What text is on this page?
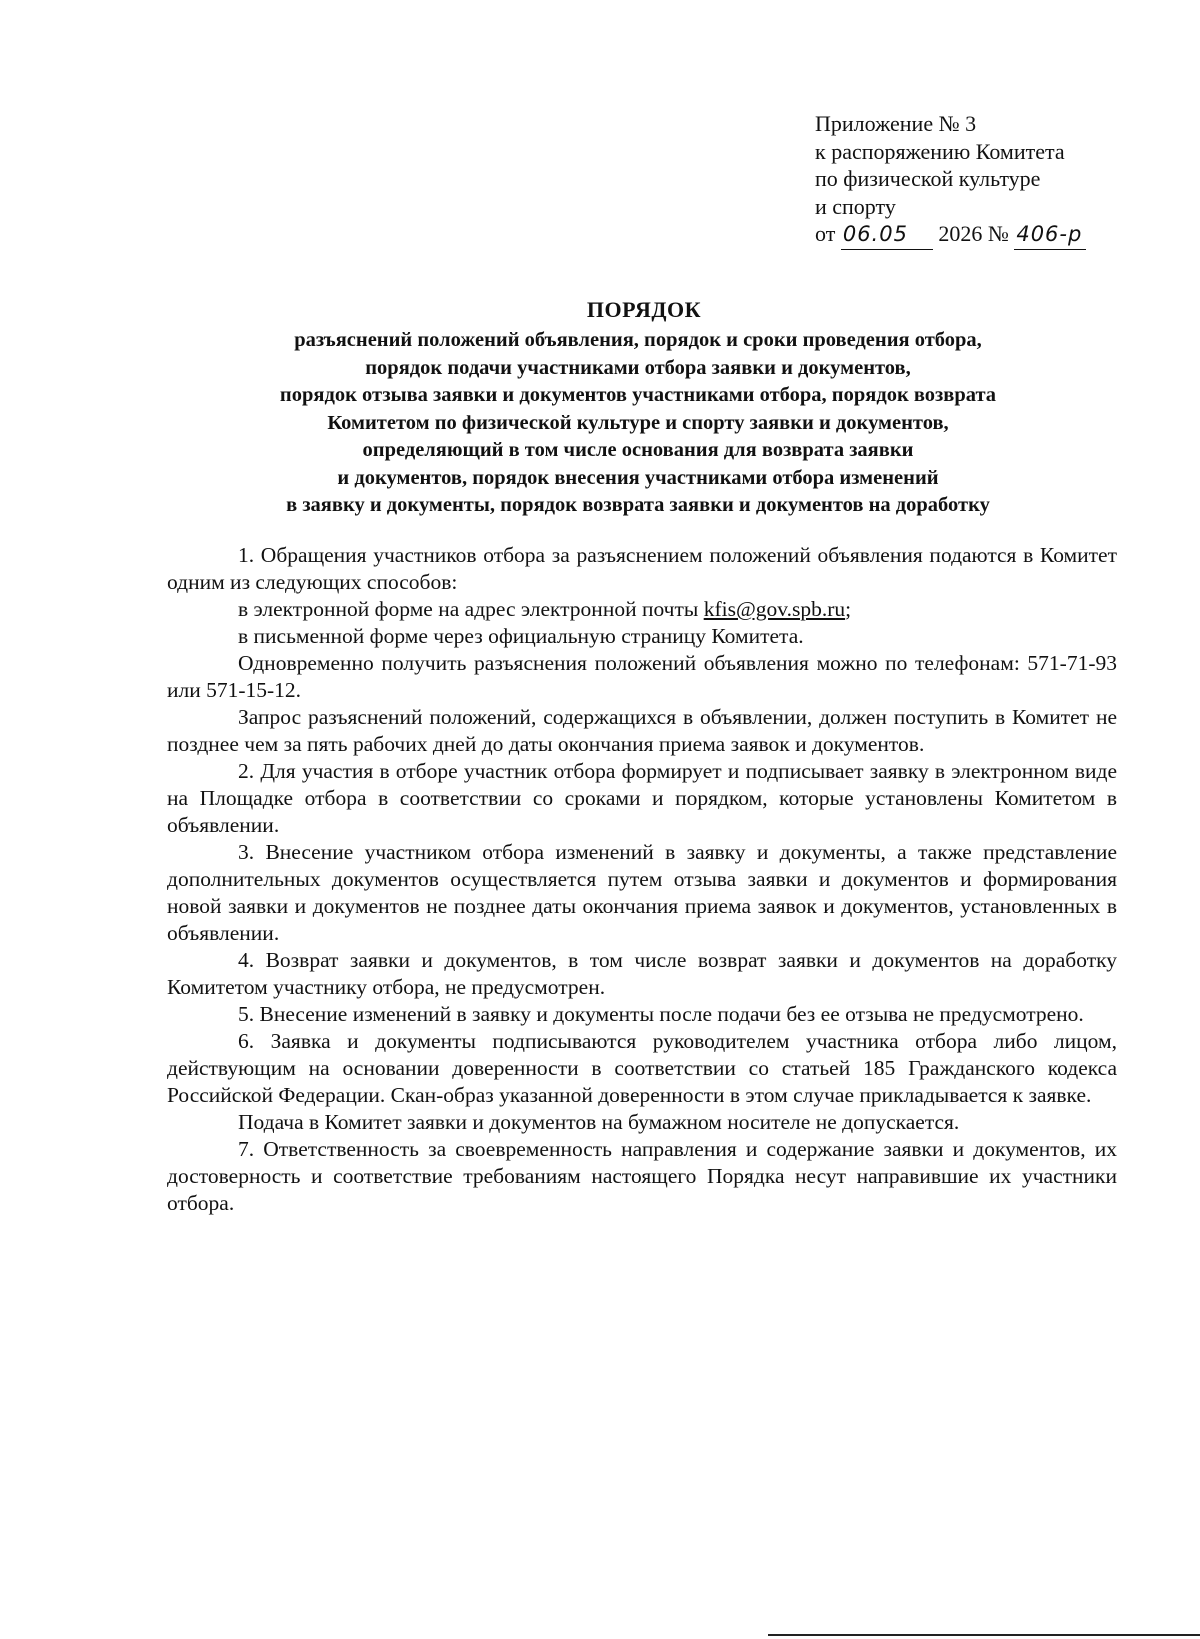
Приложение № 3
к распоряжению Комитета
по физической культуре
и спорту
от 06.05 2026 № 406-р
ПОРЯДОК
разъяснений положений объявления, порядок и сроки проведения отбора,
порядок подачи участниками отбора заявки и документов,
порядок отзыва заявки и документов участниками отбора, порядок возврата
Комитетом по физической культуре и спорту заявки и документов,
определяющий в том числе основания для возврата заявки
и документов, порядок внесения участниками отбора изменений
в заявку и документы, порядок возврата заявки и документов на доработку

1. Обращения участников отбора за разъяснением положений объявления подаются в Комитет одним из следующих способов:

в электронной форме на адрес электронной почты kfis@gov.spb.ru;

в письменной форме через официальную страницу Комитета.

Одновременно получить разъяснения положений объявления можно по телефонам: 571-71-93 или 571-15-12.

Запрос разъяснений положений, содержащихся в объявлении, должен поступить в Комитет не позднее чем за пять рабочих дней до даты окончания приема заявок и документов.

2. Для участия в отборе участник отбора формирует и подписывает заявку в электронном виде на Площадке отбора в соответствии со сроками и порядком, которые установлены Комитетом в объявлении.

3. Внесение участником отбора изменений в заявку и документы, а также представление дополнительных документов осуществляется путем отзыва заявки и документов и формирования новой заявки и документов не позднее даты окончания приема заявок и документов, установленных в объявлении.

4. Возврат заявки и документов, в том числе возврат заявки и документов на доработку Комитетом участнику отбора, не предусмотрен.

5. Внесение изменений в заявку и документы после подачи без ее отзыва не предусмотрено.

6. Заявка и документы подписываются руководителем участника отбора либо лицом, действующим на основании доверенности в соответствии со статьей 185 Гражданского кодекса Российской Федерации. Скан-образ указанной доверенности в этом случае прикладывается к заявке.

Подача в Комитет заявки и документов на бумажном носителе не допускается.

7. Ответственность за своевременность направления и содержание заявки и документов, их достоверность и соответствие требованиям настоящего Порядка несут направившие их участники отбора.
